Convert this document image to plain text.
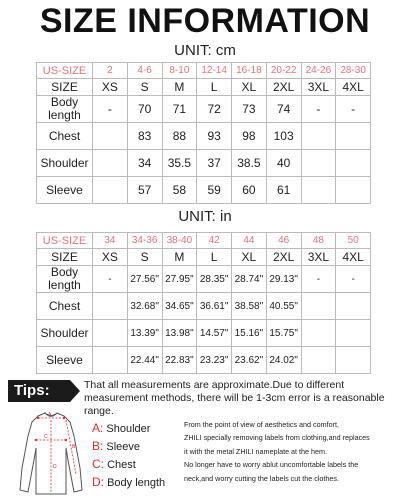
SIZE INFORMATION
UNIT: cm
US-SIZE	2	4-6	8-10	12-14	16-18	20-22	24-26	28-30
SIZE	XS	S	M	L	XL	2XL	3XL	4XL
Body length	-	70	71	72	73	74	-	-
Chest		83	88	93	98	103		
Shoulder		34	35.5	37	38.5	40		
Sleeve		57	58	59	60	61		
UNIT: in
US-SIZE	34	34-36	38-40	42	44	46	48	50
SIZE	XS	S	M	L	XL	2XL	3XL	4XL
Body length	-	27.56"	27.95"	28.35"	28.74"	29.13"	-	-
Chest		32.68"	34.65"	36.61"	38.58"	40.55"		
Shoulder		13.39"	13.98"	14.57"	15.16"	15.75"		
Sleeve		22.44"	22.83"	23.23"	23.62"	24.02"		
Tips:	That all measurements are approximate.Due to different measurement methods, there will be 1-3cm error is a reasonable range.
A
B
C
D
A: Shoulder
B: Sleeve
C: Chest
D: Body length
From the point of view of aesthetics and comfort,
ZHILI specially removing labels from clothing,and replaces
it with the metal ZHILI nameplate at the hem.
No longer have to worry ablut uncomfortable labels the
neck,and worry cutting the labels cut the clothes.
